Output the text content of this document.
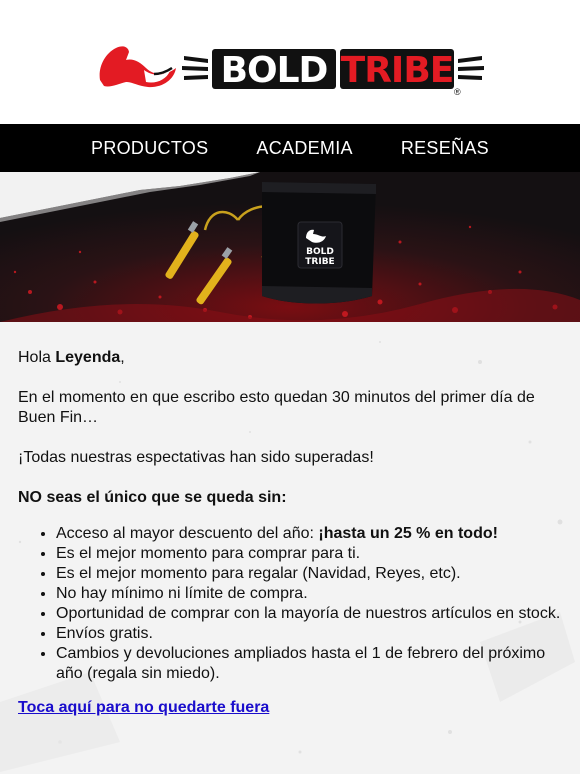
BOLD TRIBE
®
PRODUCTOS	ACADEMIA	RESEÑAS
BOLD
TRIBE

Hola Leyenda,

En el momento en que escribo esto quedan 30 minutos del primer día de Buen Fin…

¡Todas nuestras espectativas han sido superadas!

NO seas el único que se queda sin:

• Acceso al mayor descuento del año: ¡hasta un 25 % en todo!
• Es el mejor momento para comprar para ti.
• Es el mejor momento para regalar (Navidad, Reyes, etc).
• No hay mínimo ni límite de compra.
• Oportunidad de comprar con la mayoría de nuestros artículos en stock.
• Envíos gratis.
• Cambios y devoluciones ampliados hasta el 1 de febrero del próximo año (regala sin miedo).
Toca aquí para no quedarte fuera
